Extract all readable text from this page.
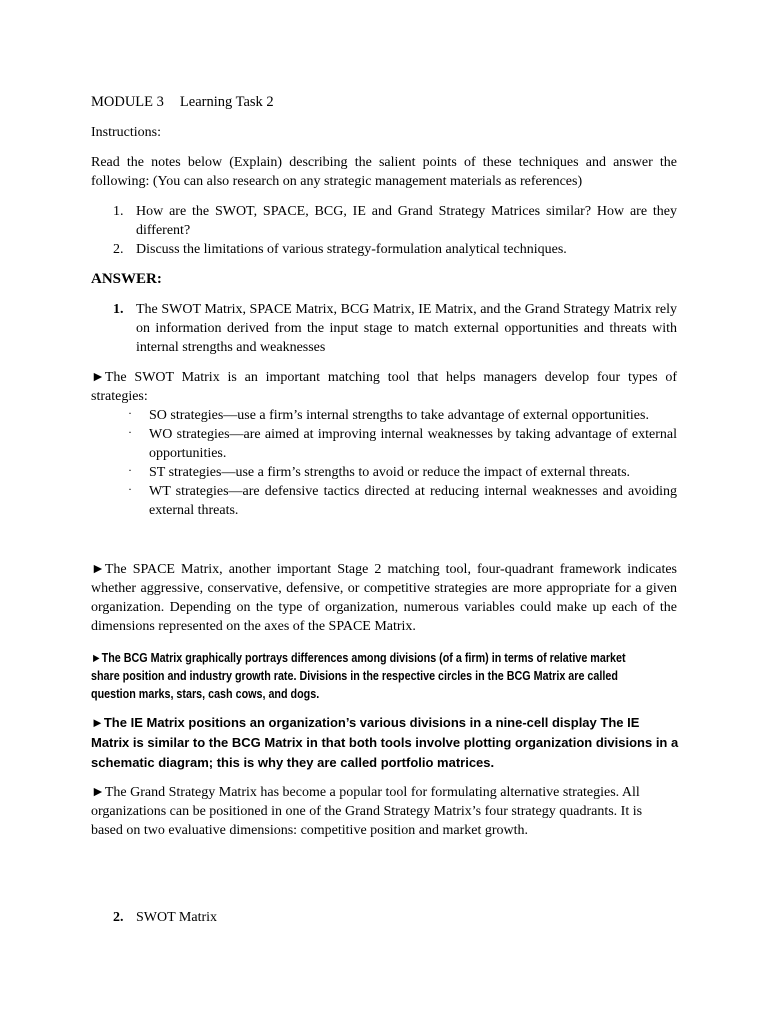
MODULE 3 Learning Task 2
Instructions:
Read the notes below (Explain) describing the salient points of these techniques and answer the following: (You can also research on any strategic management materials as references)
1. How are the SWOT, SPACE, BCG, IE and Grand Strategy Matrices similar? How are they different?
2. Discuss the limitations of various strategy-formulation analytical techniques.
ANSWER:
1. The SWOT Matrix, SPACE Matrix, BCG Matrix, IE Matrix, and the Grand Strategy Matrix rely on information derived from the input stage to match external opportunities and threats with internal strengths and weaknesses
►The SWOT Matrix is an important matching tool that helps managers develop four types of strategies:
· SO strategies—use a firm’s internal strengths to take advantage of external opportunities.
· WO strategies—are aimed at improving internal weaknesses by taking advantage of external opportunities.
· ST strategies—use a firm’s strengths to avoid or reduce the impact of external threats.
· WT strategies—are defensive tactics directed at reducing internal weaknesses and avoiding external threats.
►The SPACE Matrix, another important Stage 2 matching tool, four-quadrant framework indicates whether aggressive, conservative, defensive, or competitive strategies are more appropriate for a given organization. Depending on the type of organization, numerous variables could make up each of the dimensions represented on the axes of the SPACE Matrix.
►The BCG Matrix graphically portrays differences among divisions (of a firm) in terms of relative market share position and industry growth rate. Divisions in the respective circles in the BCG Matrix are called question marks, stars, cash cows, and dogs.
►The IE Matrix positions an organization’s various divisions in a nine-cell display The IE Matrix is similar to the BCG Matrix in that both tools involve plotting organization divisions in a schematic diagram; this is why they are called portfolio matrices.
►The Grand Strategy Matrix has become a popular tool for formulating alternative strategies. All organizations can be positioned in one of the Grand Strategy Matrix’s four strategy quadrants. It is based on two evaluative dimensions: competitive position and market growth.
2. SWOT Matrix
